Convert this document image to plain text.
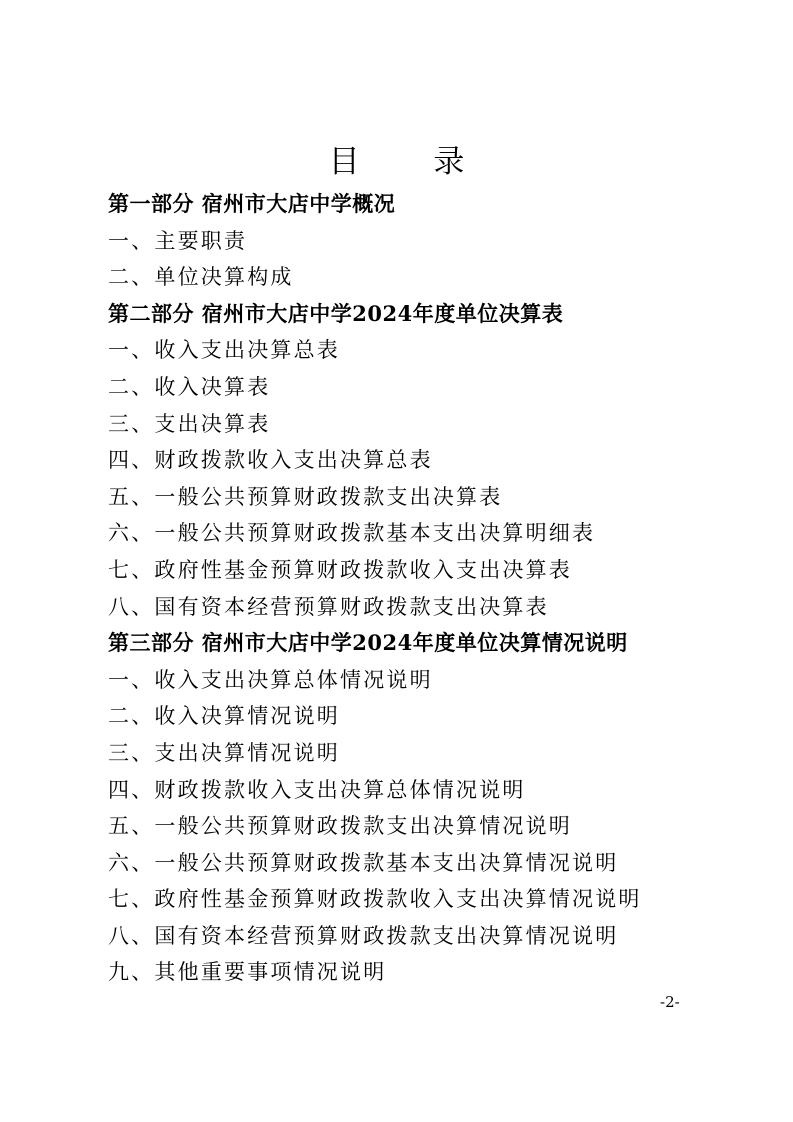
目 录
第一部分 宿州市大店中学概况
一、主要职责
二、单位决算构成
第二部分 宿州市大店中学2024年度单位决算表
一、收入支出决算总表
二、收入决算表
三、支出决算表
四、财政拨款收入支出决算总表
五、一般公共预算财政拨款支出决算表
六、一般公共预算财政拨款基本支出决算明细表
七、政府性基金预算财政拨款收入支出决算表
八、国有资本经营预算财政拨款支出决算表
第三部分 宿州市大店中学2024年度单位决算情况说明
一、收入支出决算总体情况说明
二、收入决算情况说明
三、支出决算情况说明
四、财政拨款收入支出决算总体情况说明
五、一般公共预算财政拨款支出决算情况说明
六、一般公共预算财政拨款基本支出决算情况说明
七、政府性基金预算财政拨款收入支出决算情况说明
八、国有资本经营预算财政拨款支出决算情况说明
九、其他重要事项情况说明
-2-
